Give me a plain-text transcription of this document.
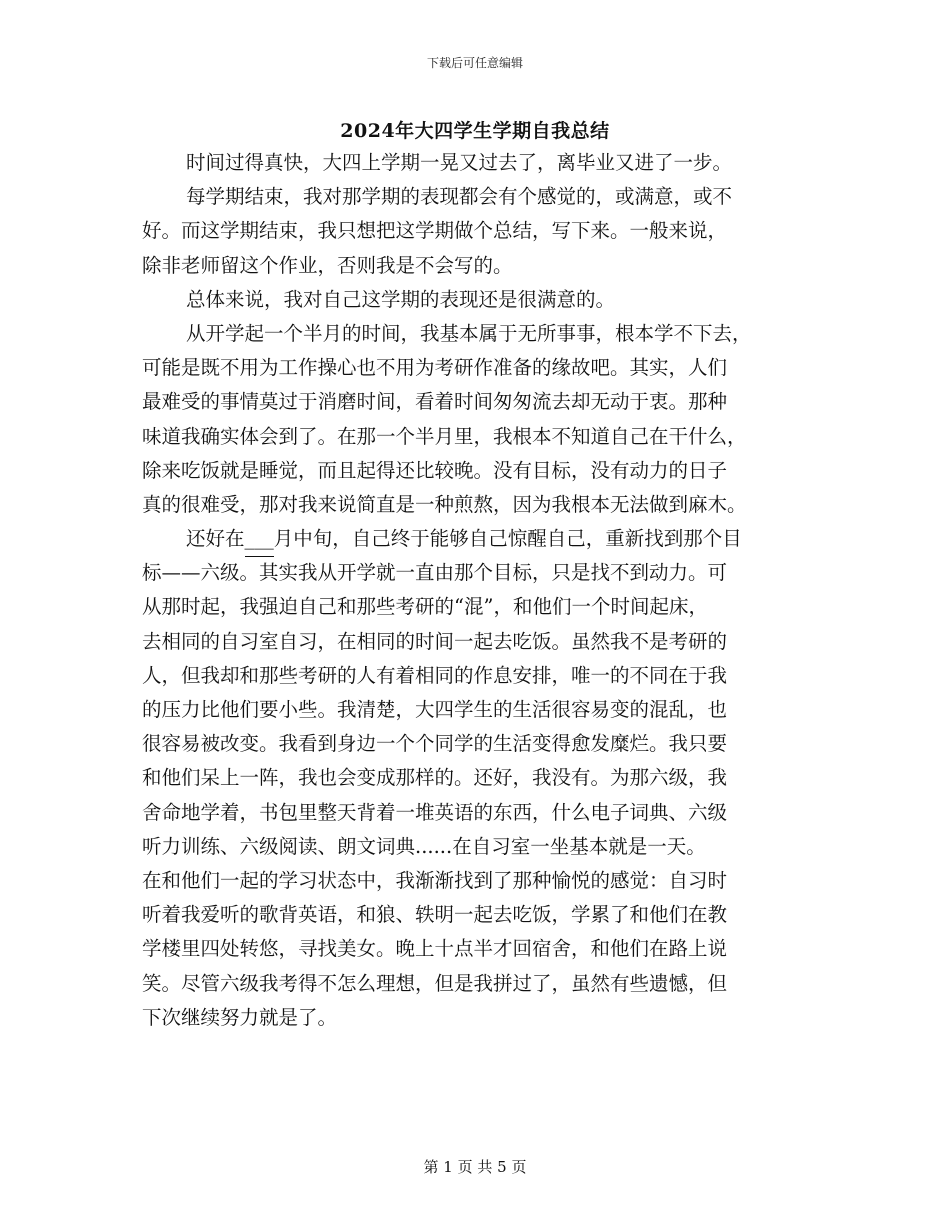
下载后可任意编辑
2024年大四学生学期自我总结
时间过得真快，大四上学期一晃又过去了，离毕业又进了一步。
每学期结束，我对那学期的表现都会有个感觉的，或满意，或不
好。而这学期结束，我只想把这学期做个总结，写下来。一般来说，
除非老师留这个作业，否则我是不会写的。
总体来说，我对自己这学期的表现还是很满意的。
从开学起一个半月的时间，我基本属于无所事事，根本学不下去，
可能是既不用为工作操心也不用为考研作准备的缘故吧。其实，人们
最难受的事情莫过于消磨时间，看着时间匆匆流去却无动于衷。那种
味道我确实体会到了。在那一个半月里，我根本不知道自己在干什么，
除来吃饭就是睡觉，而且起得还比较晚。没有目标，没有动力的日子
真的很难受，那对我来说简直是一种煎熬，因为我根本无法做到麻木。
还好在___月中旬，自己终于能够自己惊醒自己，重新找到那个目
标——六级。其实我从开学就一直由那个目标，只是找不到动力。可
从那时起，我强迫自己和那些考研的“混”，和他们一个时间起床，
去相同的自习室自习，在相同的时间一起去吃饭。虽然我不是考研的
人，但我却和那些考研的人有着相同的作息安排，唯一的不同在于我
的压力比他们要小些。我清楚，大四学生的生活很容易变的混乱，也
很容易被改变。我看到身边一个个同学的生活变得愈发糜烂。我只要
和他们呆上一阵，我也会变成那样的。还好，我没有。为那六级，我
舍命地学着，书包里整天背着一堆英语的东西，什么电子词典、六级
听力训练、六级阅读、朗文词典......在自习室一坐基本就是一天。
在和他们一起的学习状态中，我渐渐找到了那种愉悦的感觉：自习时
听着我爱听的歌背英语，和狼、轶明一起去吃饭，学累了和他们在教
学楼里四处转悠，寻找美女。晚上十点半才回宿舍，和他们在路上说
笑。尽管六级我考得不怎么理想，但是我拼过了，虽然有些遗憾，但
下次继续努力就是了。
第 1 页 共 5 页
